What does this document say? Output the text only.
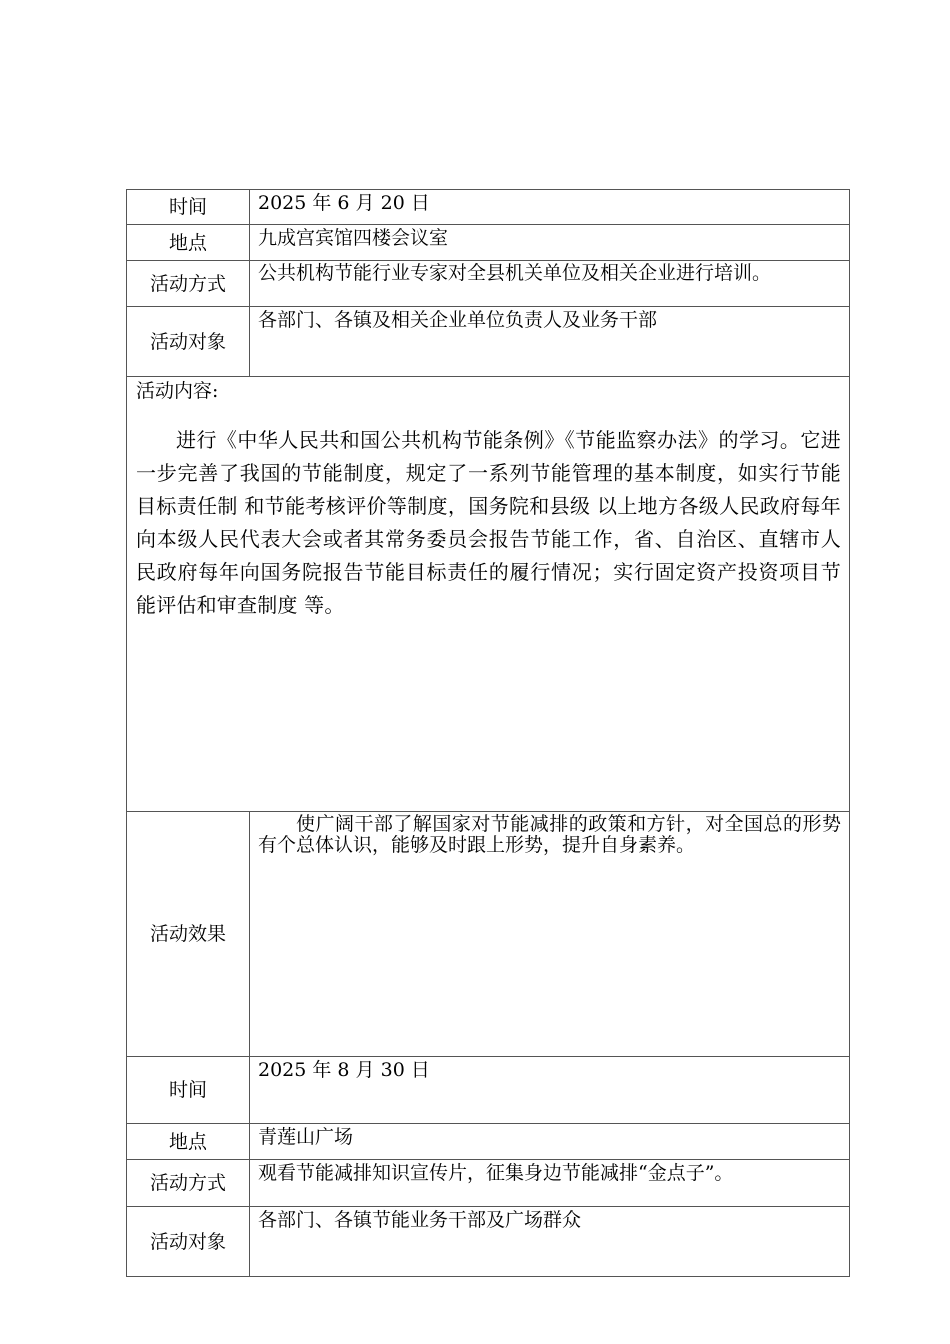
时间	2025 年 6 月 20 日
地点	九成宫宾馆四楼会议室
活动方式	公共机构节能行业专家对全县机关单位及相关企业进行培训。
活动对象	各部门、各镇及相关企业单位负责人及业务干部

活动内容:
进行《中华人民共和国公共机构节能条例》《节能监察办法》的学习。它进一步完善了我国的节能制度，规定了一系列节能管理的基本制度，如实行节能目标责任制 和节能考核评价等制度，国务院和县级 以上地方各级人民政府每年向本级人民代表大会或者其常务委员会报告节能工作，省、自治区、直辖市人民政府每年向国务院报告节能目标责任的履行情况；实行固定资产投资项目节能评估和审查制度 等。	

活动效果	使广阔干部了解国家对节能减排的政策和方针，对全国总的形势有个总体认识，能够及时跟上形势，提升自身素养。

时间	2025 年 8 月 30 日
地点	青莲山广场
活动方式	观看节能减排知识宣传片，征集身边节能减排“金点子”。
活动对象	各部门、各镇节能业务干部及广场群众
